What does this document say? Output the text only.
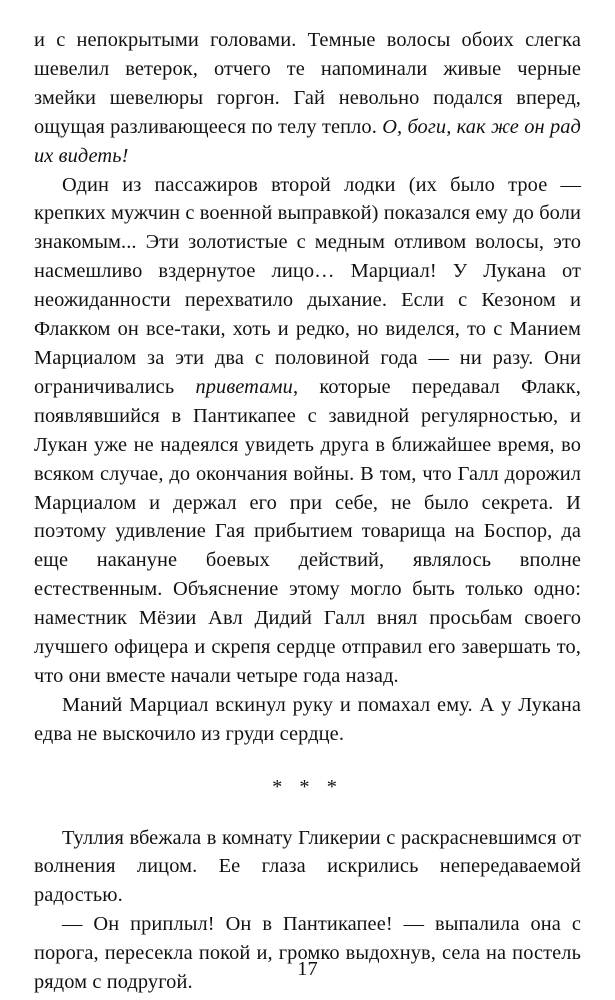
и с непокрытыми головами. Темные волосы обоих слегка шевелил ветерок, отчего те напоминали живые черные змейки шевелюры горгон. Гай невольно подался вперед, ощущая разливающееся по телу тепло. О, боги, как же он рад их видеть!

Один из пассажиров второй лодки (их было трое — крепких мужчин с военной выправкой) показался ему до боли знакомым... Эти золотистые с медным отливом волосы, это насмешливо вздернутое лицо… Марциал! У Лукана от неожиданности перехватило дыхание. Если с Кезоном и Флакком он все-таки, хоть и редко, но виделся, то с Манием Марциалом за эти два с половиной года — ни разу. Они ограничивались приветами, которые передавал Флакк, появлявшийся в Пантикапее с завидной регулярностью, и Лукан уже не надеялся увидеть друга в ближайшее время, во всяком случае, до окончания войны. В том, что Галл дорожил Марциалом и держал его при себе, не было секрета. И поэтому удивление Гая прибытием товарища на Боспор, да еще накануне боевых действий, являлось вполне естественным. Объяснение этому могло быть только одно: наместник Мёзии Авл Дидий Галл внял просьбам своего лучшего офицера и скрепя сердце отправил его завершать то, что они вместе начали четыре года назад.

Маний Марциал вскинул руку и помахал ему. А у Лукана едва не выскочило из груди сердце.

* * *

Туллия вбежала в комнату Гликерии с раскрасневшимся от волнения лицом. Ее глаза искрились непередаваемой радостью.

— Он приплыл! Он в Пантикапее! — выпалила она с порога, пересекла покой и, громко выдохнув, села на постель рядом с подругой.

17
